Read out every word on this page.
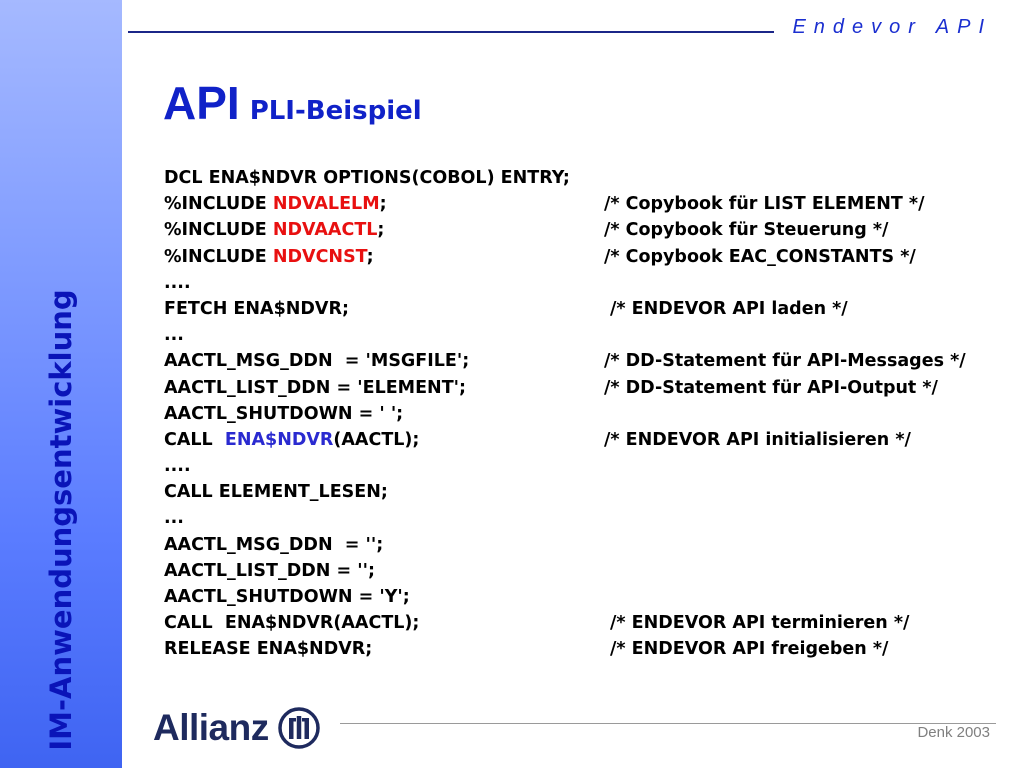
IM-Anwendungsentwicklung
Endevor API
API PLI-Beispiel
DCL ENA$NDVR OPTIONS(COBOL) ENTRY;
%INCLUDE NDVALELM;	/* Copybook für LIST ELEMENT */
%INCLUDE NDVAACTL;	/* Copybook für Steuerung */
%INCLUDE NDVCNST;	/* Copybook EAC_CONSTANTS */
....
FETCH ENA$NDVR;	/* ENDEVOR API laden */
...
AACTL_MSG_DDN  = 'MSGFILE';	/* DD-Statement für API-Messages */
AACTL_LIST_DDN = 'ELEMENT';	/* DD-Statement für API-Output */
AACTL_SHUTDOWN = ' ';
CALL  ENA$NDVR(AACTL);	/* ENDEVOR API initialisieren */
....
CALL ELEMENT_LESEN;
...
AACTL_MSG_DDN  = '';
AACTL_LIST_DDN = '';
AACTL_SHUTDOWN = 'Y';
CALL  ENA$NDVR(AACTL);	/* ENDEVOR API terminieren */
RELEASE ENA$NDVR;	/* ENDEVOR API freigeben */
Allianz	Denk 2003
